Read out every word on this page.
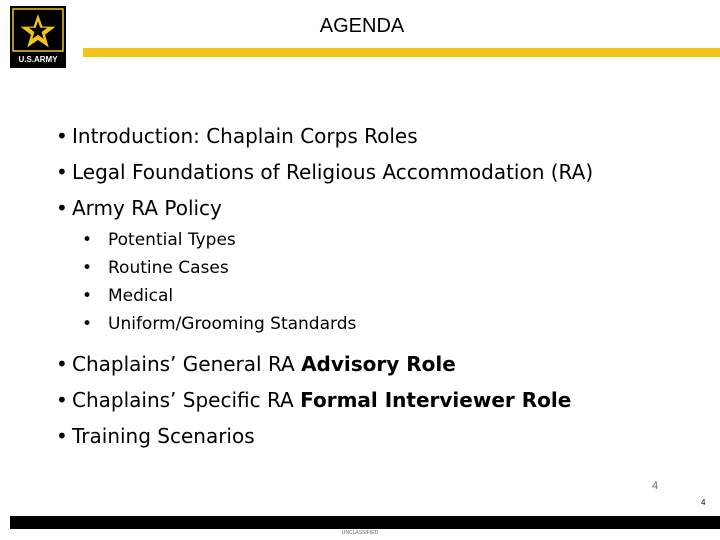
U.S.ARMY
AGENDA
• Introduction: Chaplain Corps Roles
• Legal Foundations of Religious Accommodation (RA)
• Army RA Policy
• Potential Types
• Routine Cases
• Medical
• Uniform/Grooming Standards
• Chaplains’ General RA Advisory Role
• Chaplains’ Specific RA Formal Interviewer Role
• Training Scenarios
4
4
UNCLASSIFIED
